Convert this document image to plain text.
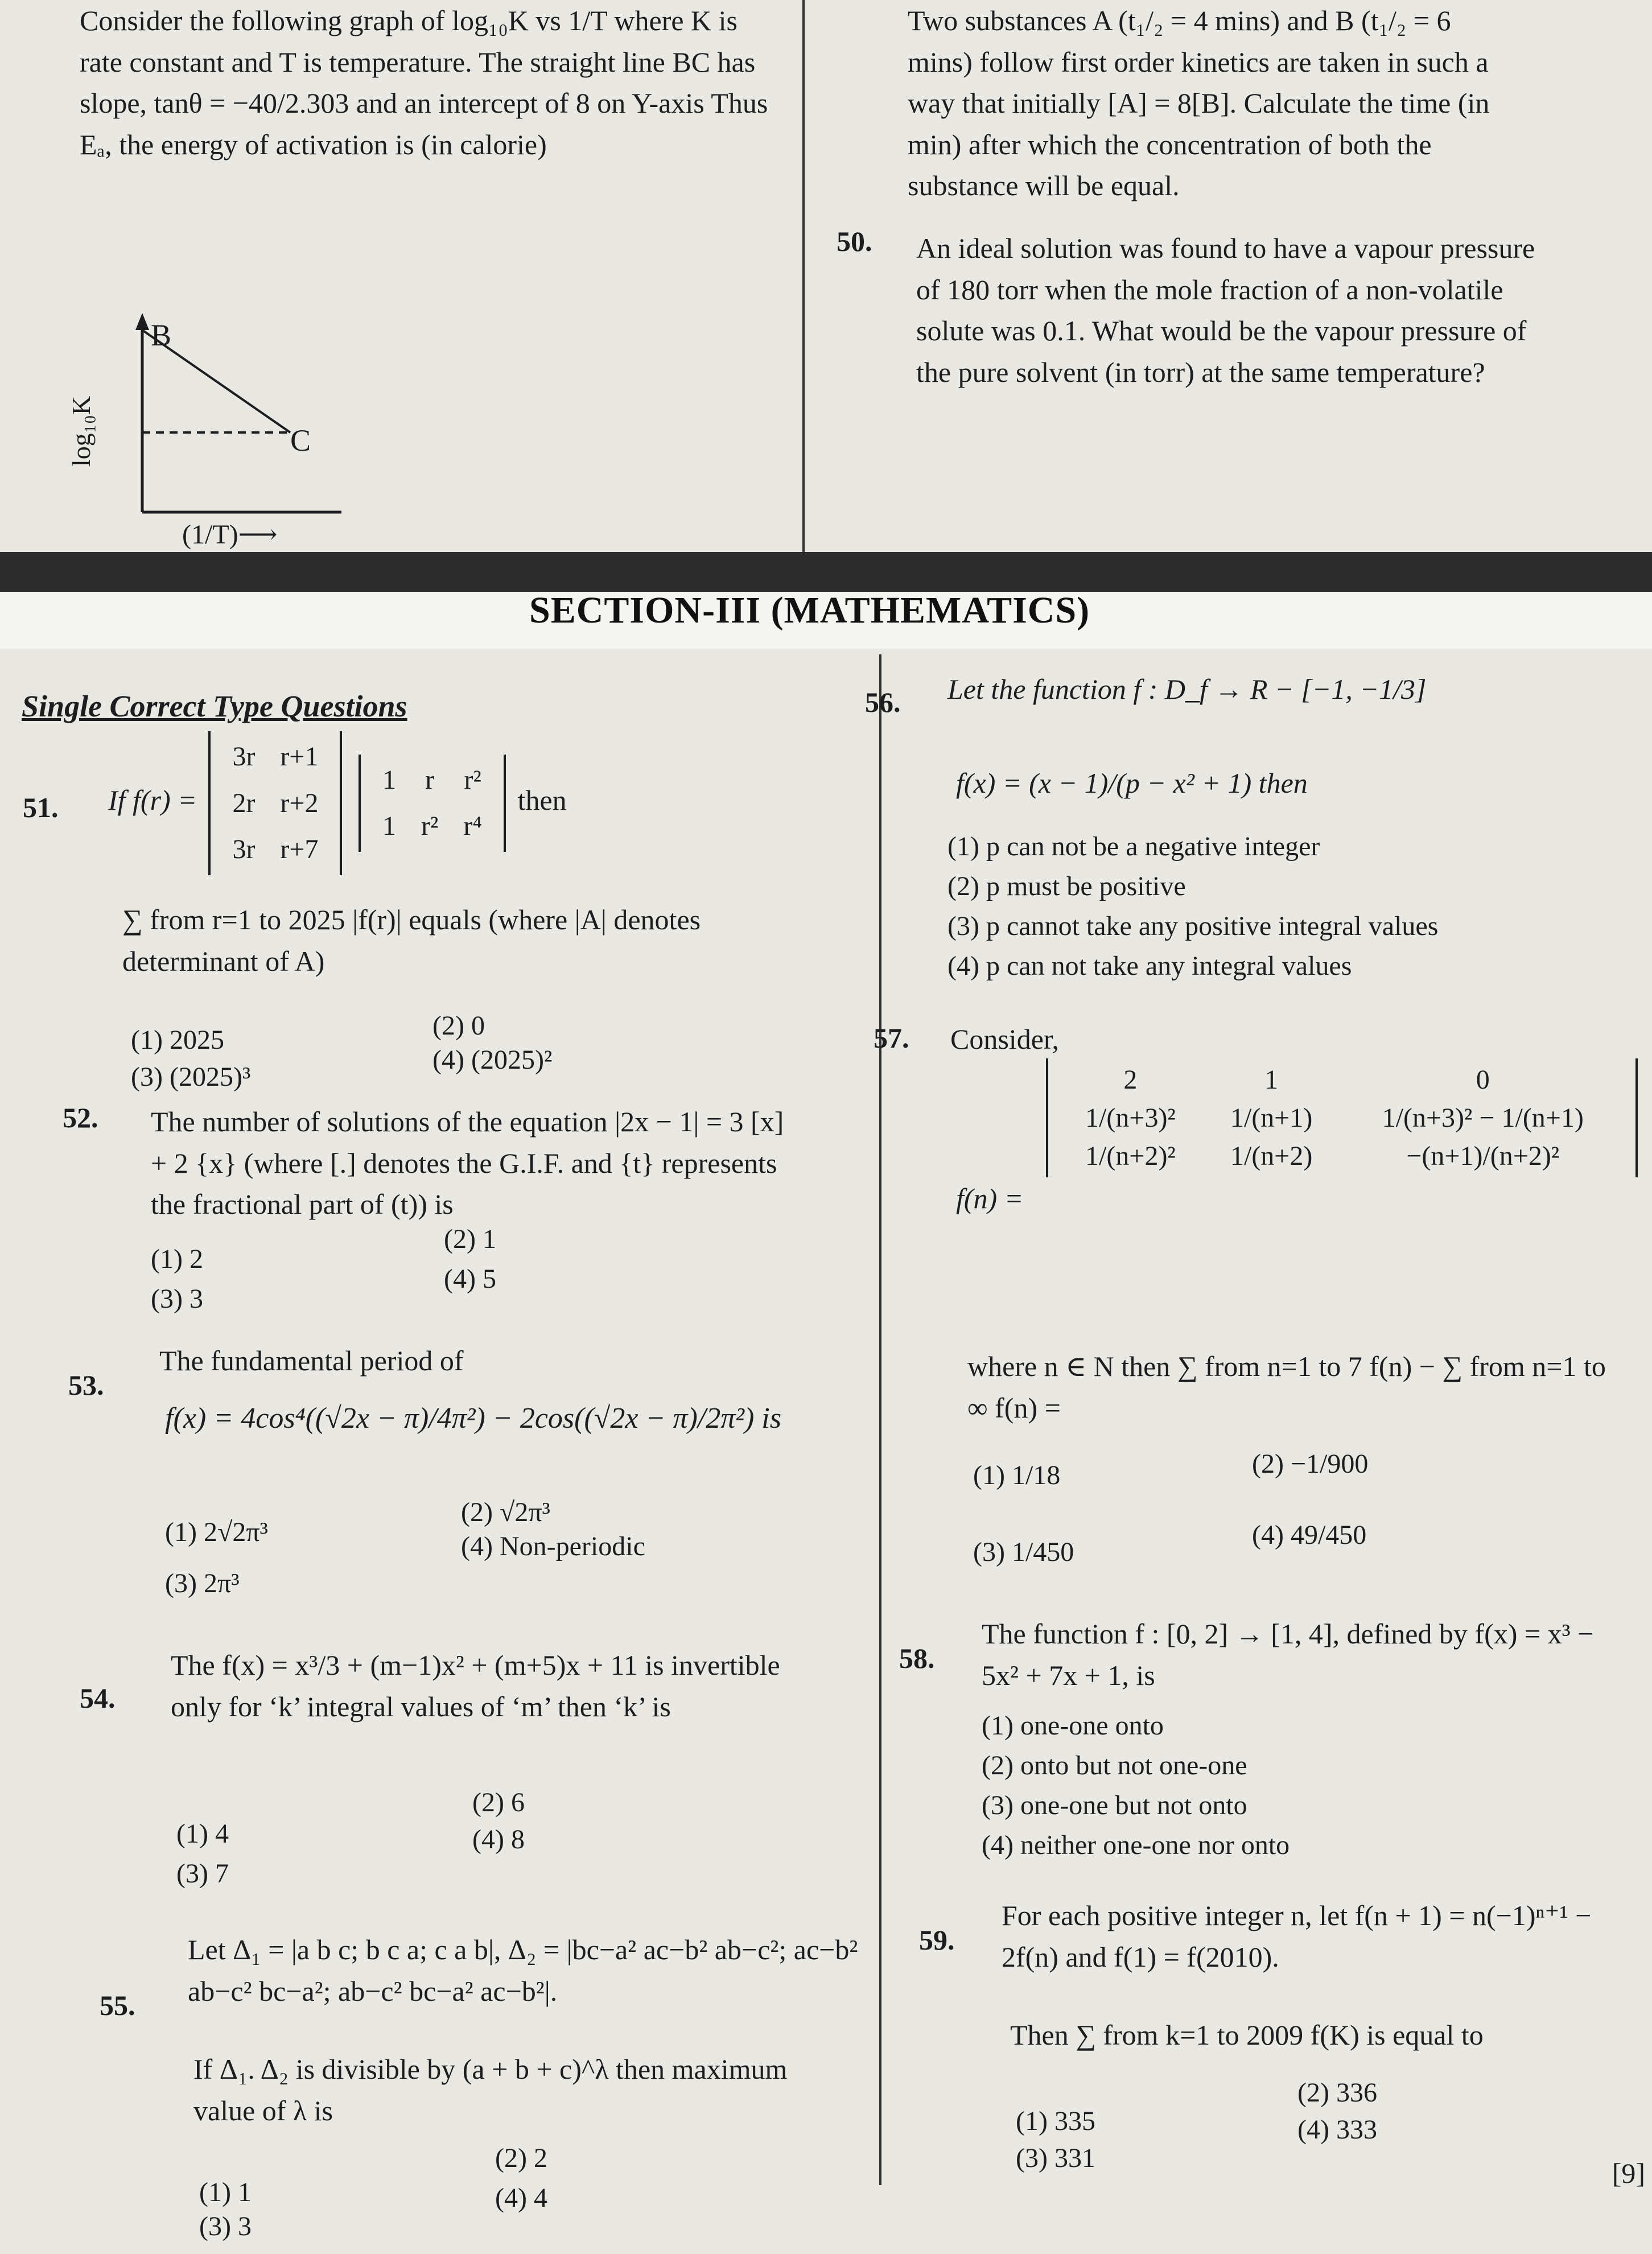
Consider the following graph of log₁₀K vs 1/T where K is rate constant and T is temperature. The straight line BC has slope, tanθ = −40/2.303 and an intercept of 8 on Y-axis Thus Eₐ, the energy of activation is (in calorie)
B
C
log₁₀K
(1/T)⟶
Two substances A (t₁/₂ = 4 mins) and B (t₁/₂ = 6 mins) follow first order kinetics are taken in such a way that initially [A] = 8[B]. Calculate the time (in min) after which the concentration of both the substance will be equal.
50. An ideal solution was found to have a vapour pressure of 180 torr when the mole fraction of a non-volatile solute was 0.1. What would be the vapour pressure of the pure solvent (in torr) at the same temperature?
SECTION-III (MATHEMATICS)
Single Correct Type Questions
51. If f(r) =
3r	r+1
2r	r+2
3r	r+7

1	r	r²
1	r²	r⁴
then
∑ from r=1 to 2025 |f(r)| equals (where |A| denotes determinant of A)
(1) 2025	(2) 0
(3) (2025)³
(4) (2025)²
52. The number of solutions of the equation |2x − 1| = 3 [x] + 2 {x} (where [.] denotes the G.I.F. and {t} represents the fractional part of (t)) is
(1) 2
(2) 1
(3) 3
(4) 5
53.
The fundamental period of
f(x) = 4cos⁴((√2x − π)/4π²) − 2cos((√2x − π)/2π²) is
(1) 2√2π³
(2) √2π³
(3) 2π³
(4) Non-periodic
54.
The f(x) = x³/3 + (m−1)x² + (m+5)x + 11 is invertible only for ‘k’ integral values of ‘m’ then ‘k’ is
(1) 4
(2) 6
(3) 7
(4) 8
55.
Let Δ₁ = |a b c; b c a; c a b|, Δ₂ = |bc−a² ac−b² ab−c²; ac−b² ab−c² bc−a²; ab−c² bc−a² ac−b²|.
If Δ₁. Δ₂ is divisible by (a + b + c)^λ then maximum value of λ is
(1) 1
(2) 2
(3) 3
(4) 4
56. Let the function f : D_f → R − [−1, −1/3]
f(x) = (x − 1)/(p − x² + 1) then
(1) p can not be a negative integer
(2) p must be positive
(3) p cannot take any positive integral values
(4) p can not take any integral values
57. Consider,
f(n) =
2	1	0
1/(n+3)²	1/(n+1)	1/(n+3)² − 1/(n+1)
1/(n+2)²	1/(n+2)	−(n+1)/(n+2)²
where n ∈ N then ∑ from n=1 to 7 f(n) − ∑ from n=1 to ∞ f(n) =
(1) 1/18	(2) −1/900
(3) 1/450
(4) 49/450
58.
The function f : [0, 2] → [1, 4], defined by f(x) = x³ − 5x² + 7x + 1, is
(1) one-one onto
(2) onto but not one-one
(3) one-one but not onto
(4) neither one-one nor onto
59.
For each positive integer n, let f(n + 1) = n(−1)ⁿ⁺¹ − 2f(n) and f(1) = f(2010).
Then ∑ from k=1 to 2009 f(K) is equal to
(1) 335
(2) 336
(3) 331
(4) 333
[9]
